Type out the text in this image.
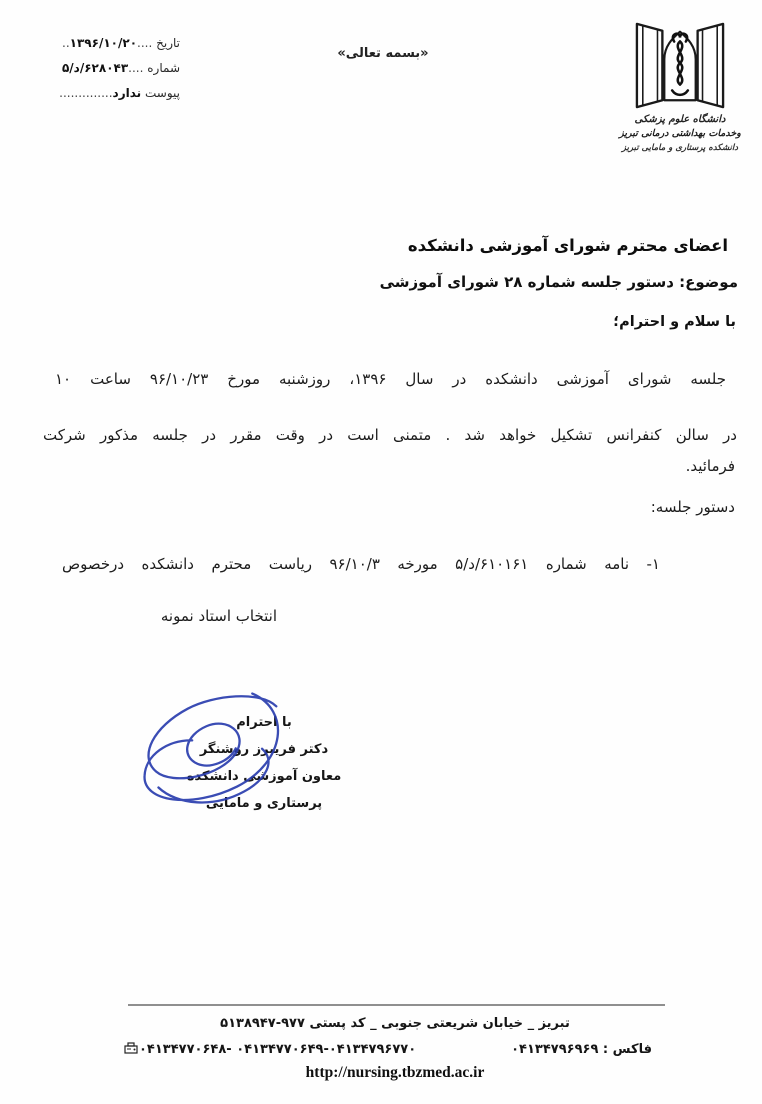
تاریخ ....۱۳۹۶/۱۰/۲۰..
شماره ....۶۲۸۰۴۳/د/۵
پیوست ندارد..............
«بسمه تعالی»
دانشگاه علوم پزشکی
وخدمات بهداشتی درمانی تبریز
دانشکده پرستاری و مامایی تبریز
اعضای محترم شورای آموزشی دانشکده
موضوع: دستور جلسه شماره ۲۸ شورای آموزشی
با سلام و احترام؛
جلسه شورای آموزشی دانشکده در سال ۱۳۹۶، روزشنبه مورخ ۹۶/۱۰/۲۳ ساعت ۱۰
در سالن کنفرانس تشکیل خواهد شد . متمنی است در وقت مقرر در جلسه مذکور شرکت
فرمائید.
دستور جلسه:
۱- نامه شماره ۶۱۰۱۶۱/د/۵ مورخه ۹۶/۱۰/۳ ریاست محترم دانشکده درخصوص
انتخاب استاد نمونه
با احترام
دکتر فریبرز روشنگر
معاون آموزشی دانشکده
پرستاری و مامایی
تبریز _ خیابان شریعتی جنوبی _ کد پستی ۹۷۷-۵۱۳۸۹۴۷
۰۴۱۳۴۷۷۰۶۴۸- ۰۴۱۳۴۷۷۰۶۴۹-۰۴۱۳۴۷۹۶۷۷۰	فاکس : ۰۴۱۳۴۷۹۶۹۶۹
http://nursing.tbzmed.ac.ir
